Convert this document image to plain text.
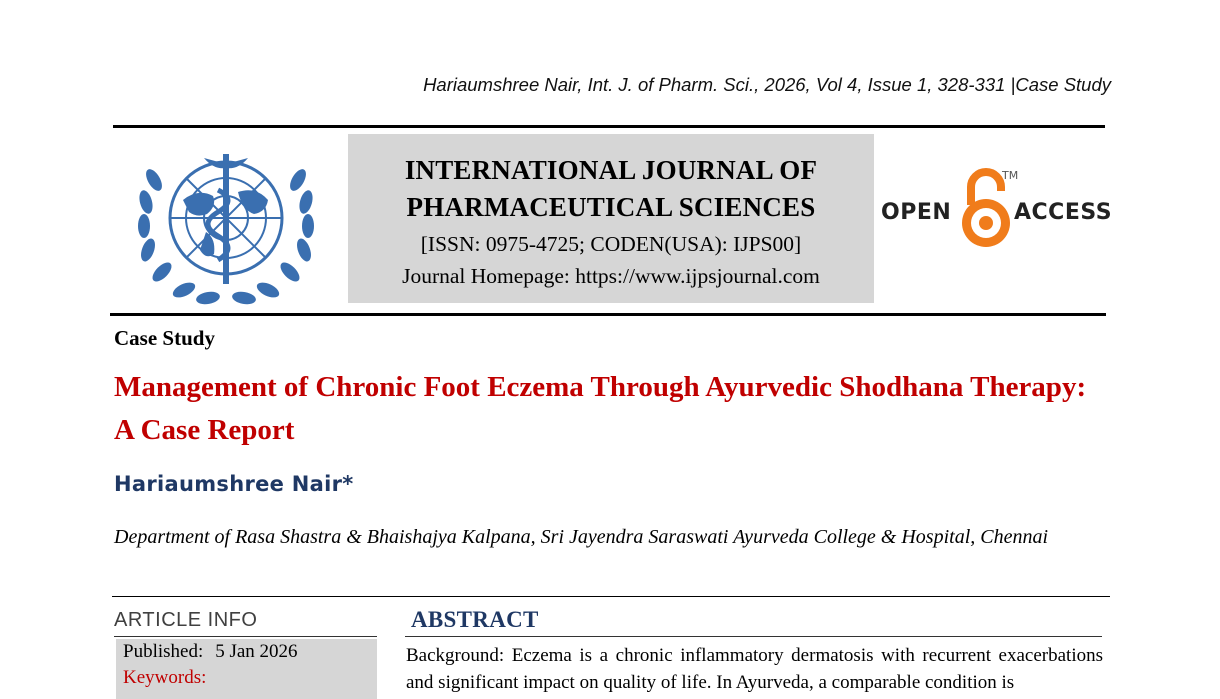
Hariaumshree Nair, Int. J. of Pharm. Sci., 2026, Vol 4, Issue 1, 328-331 |Case Study
INTERNATIONAL JOURNAL OF PHARMACEUTICAL SCIENCES
[ISSN: 0975-4725; CODEN(USA): IJPS00]
Journal Homepage: https://www.ijpsjournal.com
OPEN
TM
ACCESS
Case Study
Management of Chronic Foot Eczema Through Ayurvedic Shodhana Therapy: A Case Report
Hariaumshree Nair*
Department of Rasa Shastra & Bhaishajya Kalpana, Sri Jayendra Saraswati Ayurveda College & Hospital, Chennai
ARTICLE INFO
Published: 5 Jan 2026
Keywords:
ABSTRACT
Background: Eczema is a chronic inflammatory dermatosis with recurrent exacerbations and significant impact on quality of life. In Ayurveda, a comparable condition is
